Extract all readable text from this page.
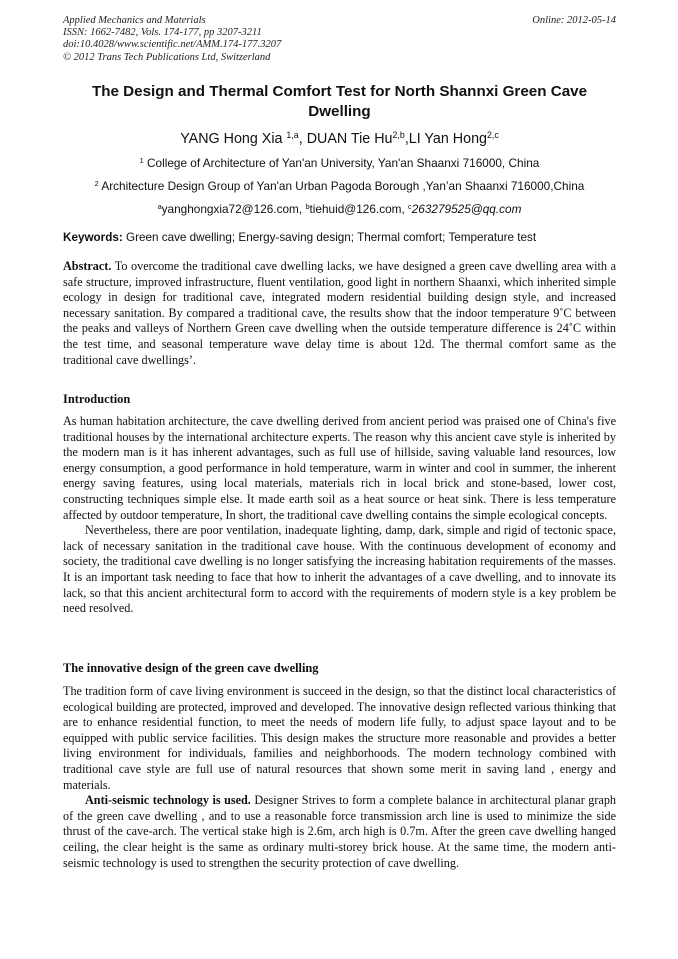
Applied Mechanics and Materials
ISSN: 1662-7482, Vols. 174-177, pp 3207-3211
doi:10.4028/www.scientific.net/AMM.174-177.3207
© 2012 Trans Tech Publications Ltd, Switzerland
Online: 2012-05-14
The Design and Thermal Comfort Test for North Shannxi Green Cave Dwelling
YANG Hong Xia $^{1,a}$, DUAN Tie Hu$^{2,b}$,LI Yan Hong$^{2,c}$
$^1$ College of Architecture of Yan'an University, Yan'an Shaanxi 716000, China
$^2$ Architecture Design Group of Yan'an Urban Pagoda Borough ,Yan’an Shaanxi 716000,China
$^a$yanghongxia72@126.com, $^b$tiehuid@126.com, $^c$263279525@qq.com
Keywords: Green cave dwelling; Energy-saving design; Thermal comfort; Temperature test

Abstract. To overcome the traditional cave dwelling lacks, we have designed a green cave dwelling area with a safe structure, improved infrastructure, fluent ventilation, good light in northern Shaanxi, which inherited simple ecology in design for traditional cave, integrated modern residential building design style, and increased necessary sanitation. By compared a traditional cave, the results show that the indoor temperature 9˚C between the peaks and valleys of Northern Green cave dwelling when the outside temperature difference is 24˚C within the test time, and seasonal temperature wave delay time is about 12d. The thermal comfort same as the traditional cave dwellings’.

Introduction

As human habitation architecture, the cave dwelling derived from ancient period was praised one of China's five traditional houses by the international architecture experts. The reason why this ancient cave style is inherited by the modern man is it has inherent advantages, such as full use of hillside, saving valuable land resources, low energy consumption, a good performance in hold temperature, warm in winter and cool in summer, the inherent energy saving features, using local materials, materials rich in local brick and stone-based, lower cost, constructing techniques simple else. It made earth soil as a heat source or heat sink. There is less temperature affected by outdoor temperature, In short, the traditional cave dwelling contains the simple ecological concepts.

Nevertheless, there are poor ventilation, inadequate lighting, damp, dark, simple and rigid of tectonic space, lack of necessary sanitation in the traditional cave house. With the continuous development of economy and society, the traditional cave dwelling is no longer satisfying the increasing habitation requirements of the masses. It is an important task needing to face that how to inherit the advantages of a cave dwelling, and to innovate its lack, so that this ancient architectural form to accord with the requirements of modern style is a key problem be need resolved.

The innovative design of the green cave dwelling

The tradition form of cave living environment is succeed in the design, so that the distinct local characteristics of ecological building are protected, improved and developed. The innovative design reflected various thinking that are to enhance residential function, to meet the needs of modern life fully, to adjust space layout and to be equipped with public service facilities. This design makes the structure more reasonable and provides a better living environment for individuals, families and neighborhoods. The modern technology combined with traditional cave style are full use of natural resources that shown some merit in saving land , energy and materials.

Anti-seismic technology is used. Designer Strives to form a complete balance in architectural planar graph of the green cave dwelling , and to use a reasonable force transmission arch line is used to minimize the side thrust of the cave-arch. The vertical stake high is 2.6m, arch high is 0.7m. After the green cave dwelling hanged ceiling, the clear height is the same as ordinary multi-storey brick house. At the same time, the modern anti-seismic technology is used to strengthen the security protection of cave dwelling.
